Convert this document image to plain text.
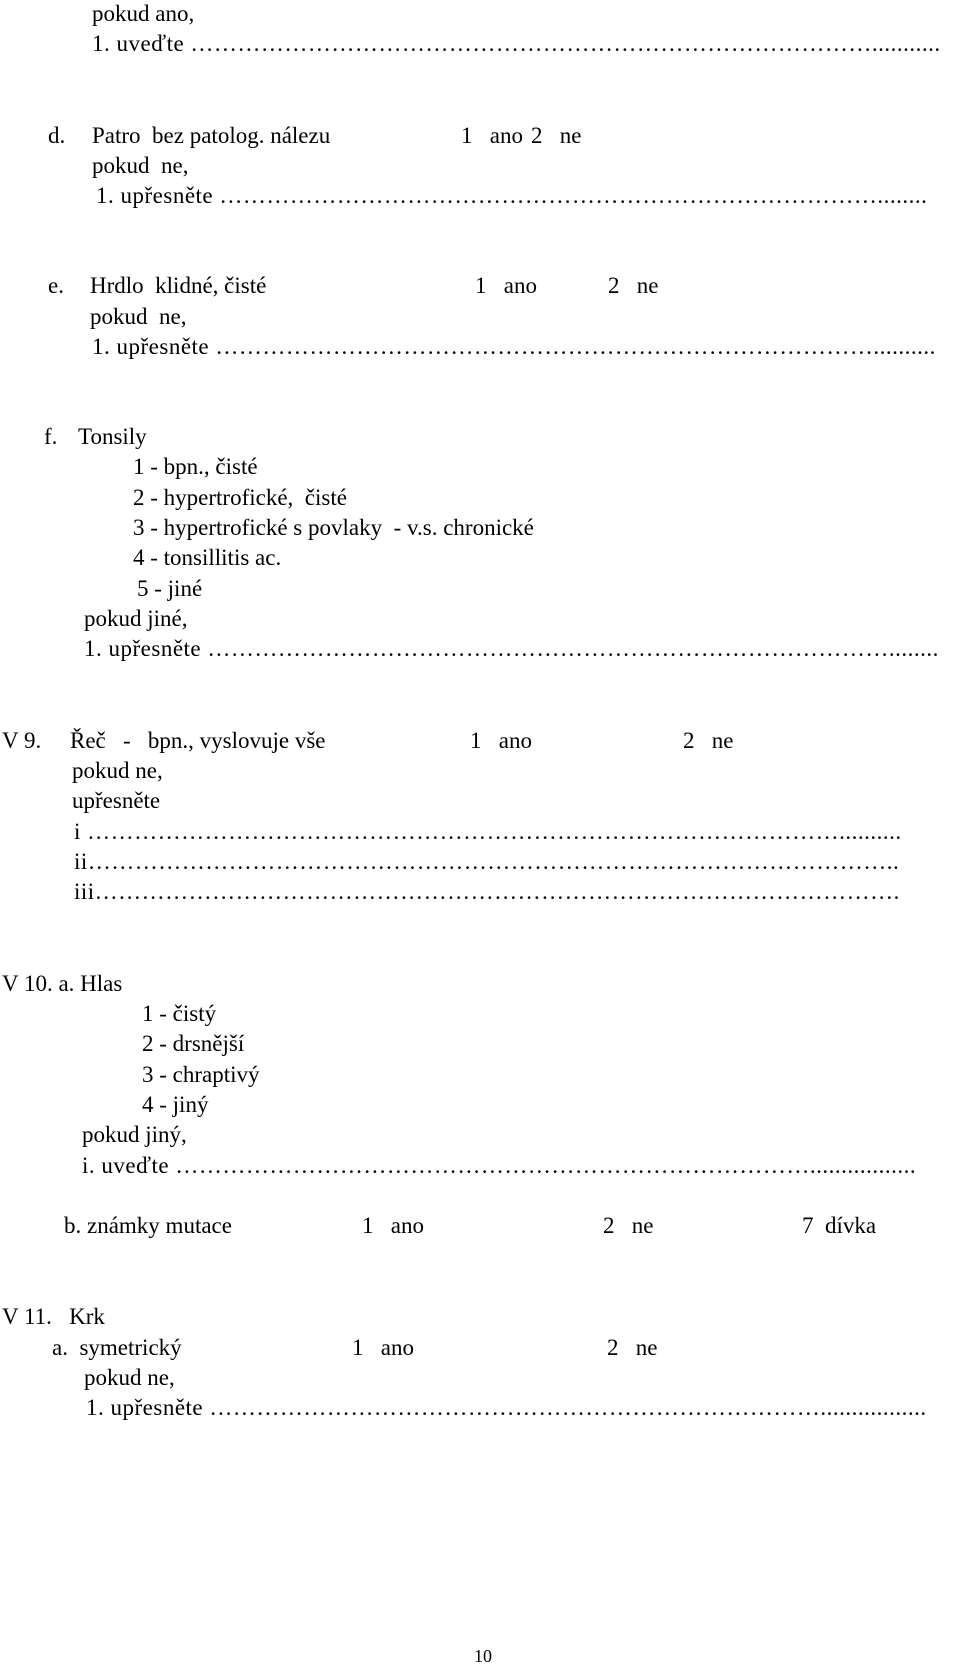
pokud ano,
1. uveďte ……………………………………………………………………………...........
d. Patro  bez patolog. nálezu	1   ano 2   ne
pokud  ne,
1. upřesněte …………………………………………………………………………........
e. Hrdlo  klidné, čisté	1   ano	2   ne
pokud  ne,
1. upřesněte …………………………………………………………………………..........
f. Tonsily
1 - bpn., čisté
2 - hypertrofické,  čisté
3 - hypertrofické s povlaky  - v.s. chronické
4 - tonsillitis ac.
5 - jiné
pokud jiné,
1. upřesněte ……………………………………………………………………………........
V 9. Řeč   -   bpn., vyslovuje vše	1   ano	2   ne
pokud ne,
upřesněte
i ……………………………………………………………………………………..........
ii…………………………………………………………………………………………..
iii………………………………………………………………………………………….
V 10. a. Hlas
1 - čistý
2 - drsnější
3 - chraptivý
4 - jiný
pokud jiný,
i. uveďte ……………………………………………………………………….................
b. známky mutace	1   ano	2   ne	7  dívka
V 11.   Krk
a.  symetrický	1   ano	2   ne
pokud ne,
1. upřesněte …………………………………………………………………….................
10
